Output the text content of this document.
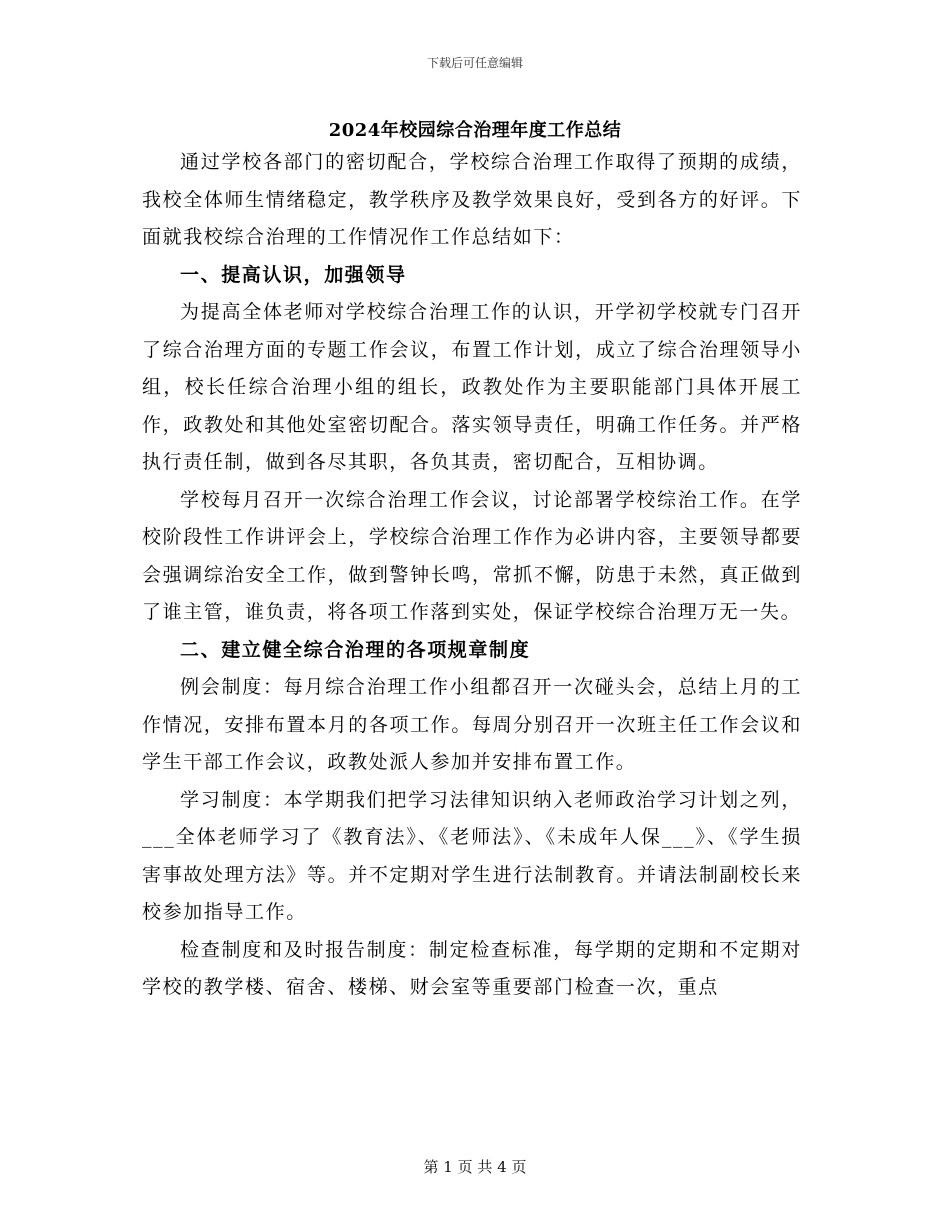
下载后可任意编辑
2024年校园综合治理年度工作总结

通过学校各部门的密切配合，学校综合治理工作取得了预期的成绩，我校全体师生情绪稳定，教学秩序及教学效果良好，受到各方的好评。下面就我校综合治理的工作情况作工作总结如下：

一、提高认识，加强领导

为提高全体老师对学校综合治理工作的认识，开学初学校就专门召开了综合治理方面的专题工作会议，布置工作计划，成立了综合治理领导小组，校长任综合治理小组的组长，政教处作为主要职能部门具体开展工作，政教处和其他处室密切配合。落实领导责任，明确工作任务。并严格执行责任制，做到各尽其职，各负其责，密切配合，互相协调。

学校每月召开一次综合治理工作会议，讨论部署学校综治工作。在学校阶段性工作讲评会上，学校综合治理工作作为必讲内容，主要领导都要会强调综治安全工作，做到警钟长鸣，常抓不懈，防患于未然，真正做到了谁主管，谁负责，将各项工作落到实处，保证学校综合治理万无一失。

二、建立健全综合治理的各项规章制度

例会制度：每月综合治理工作小组都召开一次碰头会，总结上月的工作情况，安排布置本月的各项工作。每周分别召开一次班主任工作会议和学生干部工作会议，政教处派人参加并安排布置工作。

学习制度：本学期我们把学习法律知识纳入老师政治学习计划之列，___全体老师学习了《教育法》、《老师法》、《未成年人保___》、《学生损害事故处理方法》等。并不定期对学生进行法制教育。并请法制副校长来校参加指导工作。

检查制度和及时报告制度：制定检查标准，每学期的定期和不定期对学校的教学楼、宿舍、楼梯、财会室等重要部门检查一次，重点

第 1 页 共 4 页
